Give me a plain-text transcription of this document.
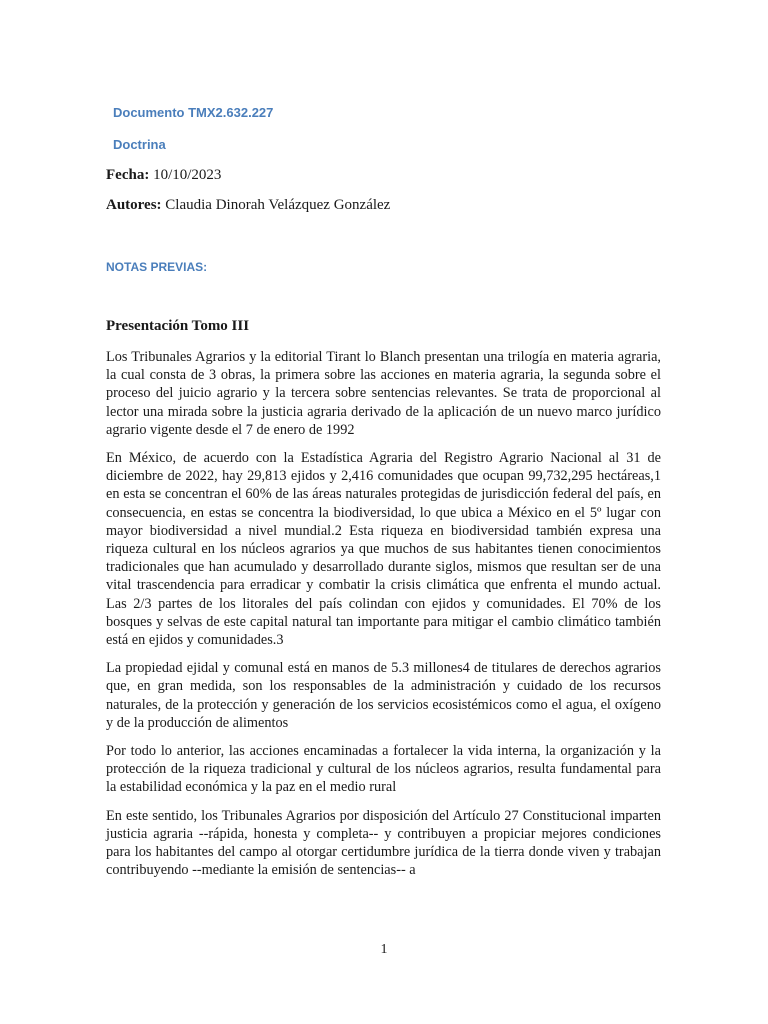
Documento TMX2.632.227
Doctrina
Fecha: 10/10/2023
Autores: Claudia Dinorah Velázquez González
NOTAS PREVIAS:
Presentación Tomo III

Los Tribunales Agrarios y la editorial Tirant lo Blanch presentan una trilogía en materia agraria, la cual consta de 3 obras, la primera sobre las acciones en materia agraria, la segunda sobre el proceso del juicio agrario y la tercera sobre sentencias relevantes. Se trata de proporcional al lector una mirada sobre la justicia agraria derivado de la aplicación de un nuevo marco jurídico agrario vigente desde el 7 de enero de 1992

En México, de acuerdo con la Estadística Agraria del Registro Agrario Nacional al 31 de diciembre de 2022, hay 29,813 ejidos y 2,416 comunidades que ocupan 99,732,295 hectáreas,1 en esta se concentran el 60% de las áreas naturales protegidas de jurisdicción federal del país, en consecuencia, en estas se concentra la biodiversidad, lo que ubica a México en el 5º lugar con mayor biodiversidad a nivel mundial.2 Esta riqueza en biodiversidad también expresa una riqueza cultural en los núcleos agrarios ya que muchos de sus habitantes tienen conocimientos tradicionales que han acumulado y desarrollado durante siglos, mismos que resultan ser de una vital trascendencia para erradicar y combatir la crisis climática que enfrenta el mundo actual. Las 2/3 partes de los litorales del país colindan con ejidos y comunidades. El 70% de los bosques y selvas de este capital natural tan importante para mitigar el cambio climático también está en ejidos y comunidades.3

La propiedad ejidal y comunal está en manos de 5.3 millones4 de titulares de derechos agrarios que, en gran medida, son los responsables de la administración y cuidado de los recursos naturales, de la protección y generación de los servicios ecosistémicos como el agua, el oxígeno y de la producción de alimentos

Por todo lo anterior, las acciones encaminadas a fortalecer la vida interna, la organización y la protección de la riqueza tradicional y cultural de los núcleos agrarios, resulta fundamental para la estabilidad económica y la paz en el medio rural

En este sentido, los Tribunales Agrarios por disposición del Artículo 27 Constitucional imparten justicia agraria --rápida, honesta y completa-- y contribuyen a propiciar mejores condiciones para los habitantes del campo al otorgar certidumbre jurídica de la tierra donde viven y trabajan contribuyendo --mediante la emisión de sentencias-- a

1
